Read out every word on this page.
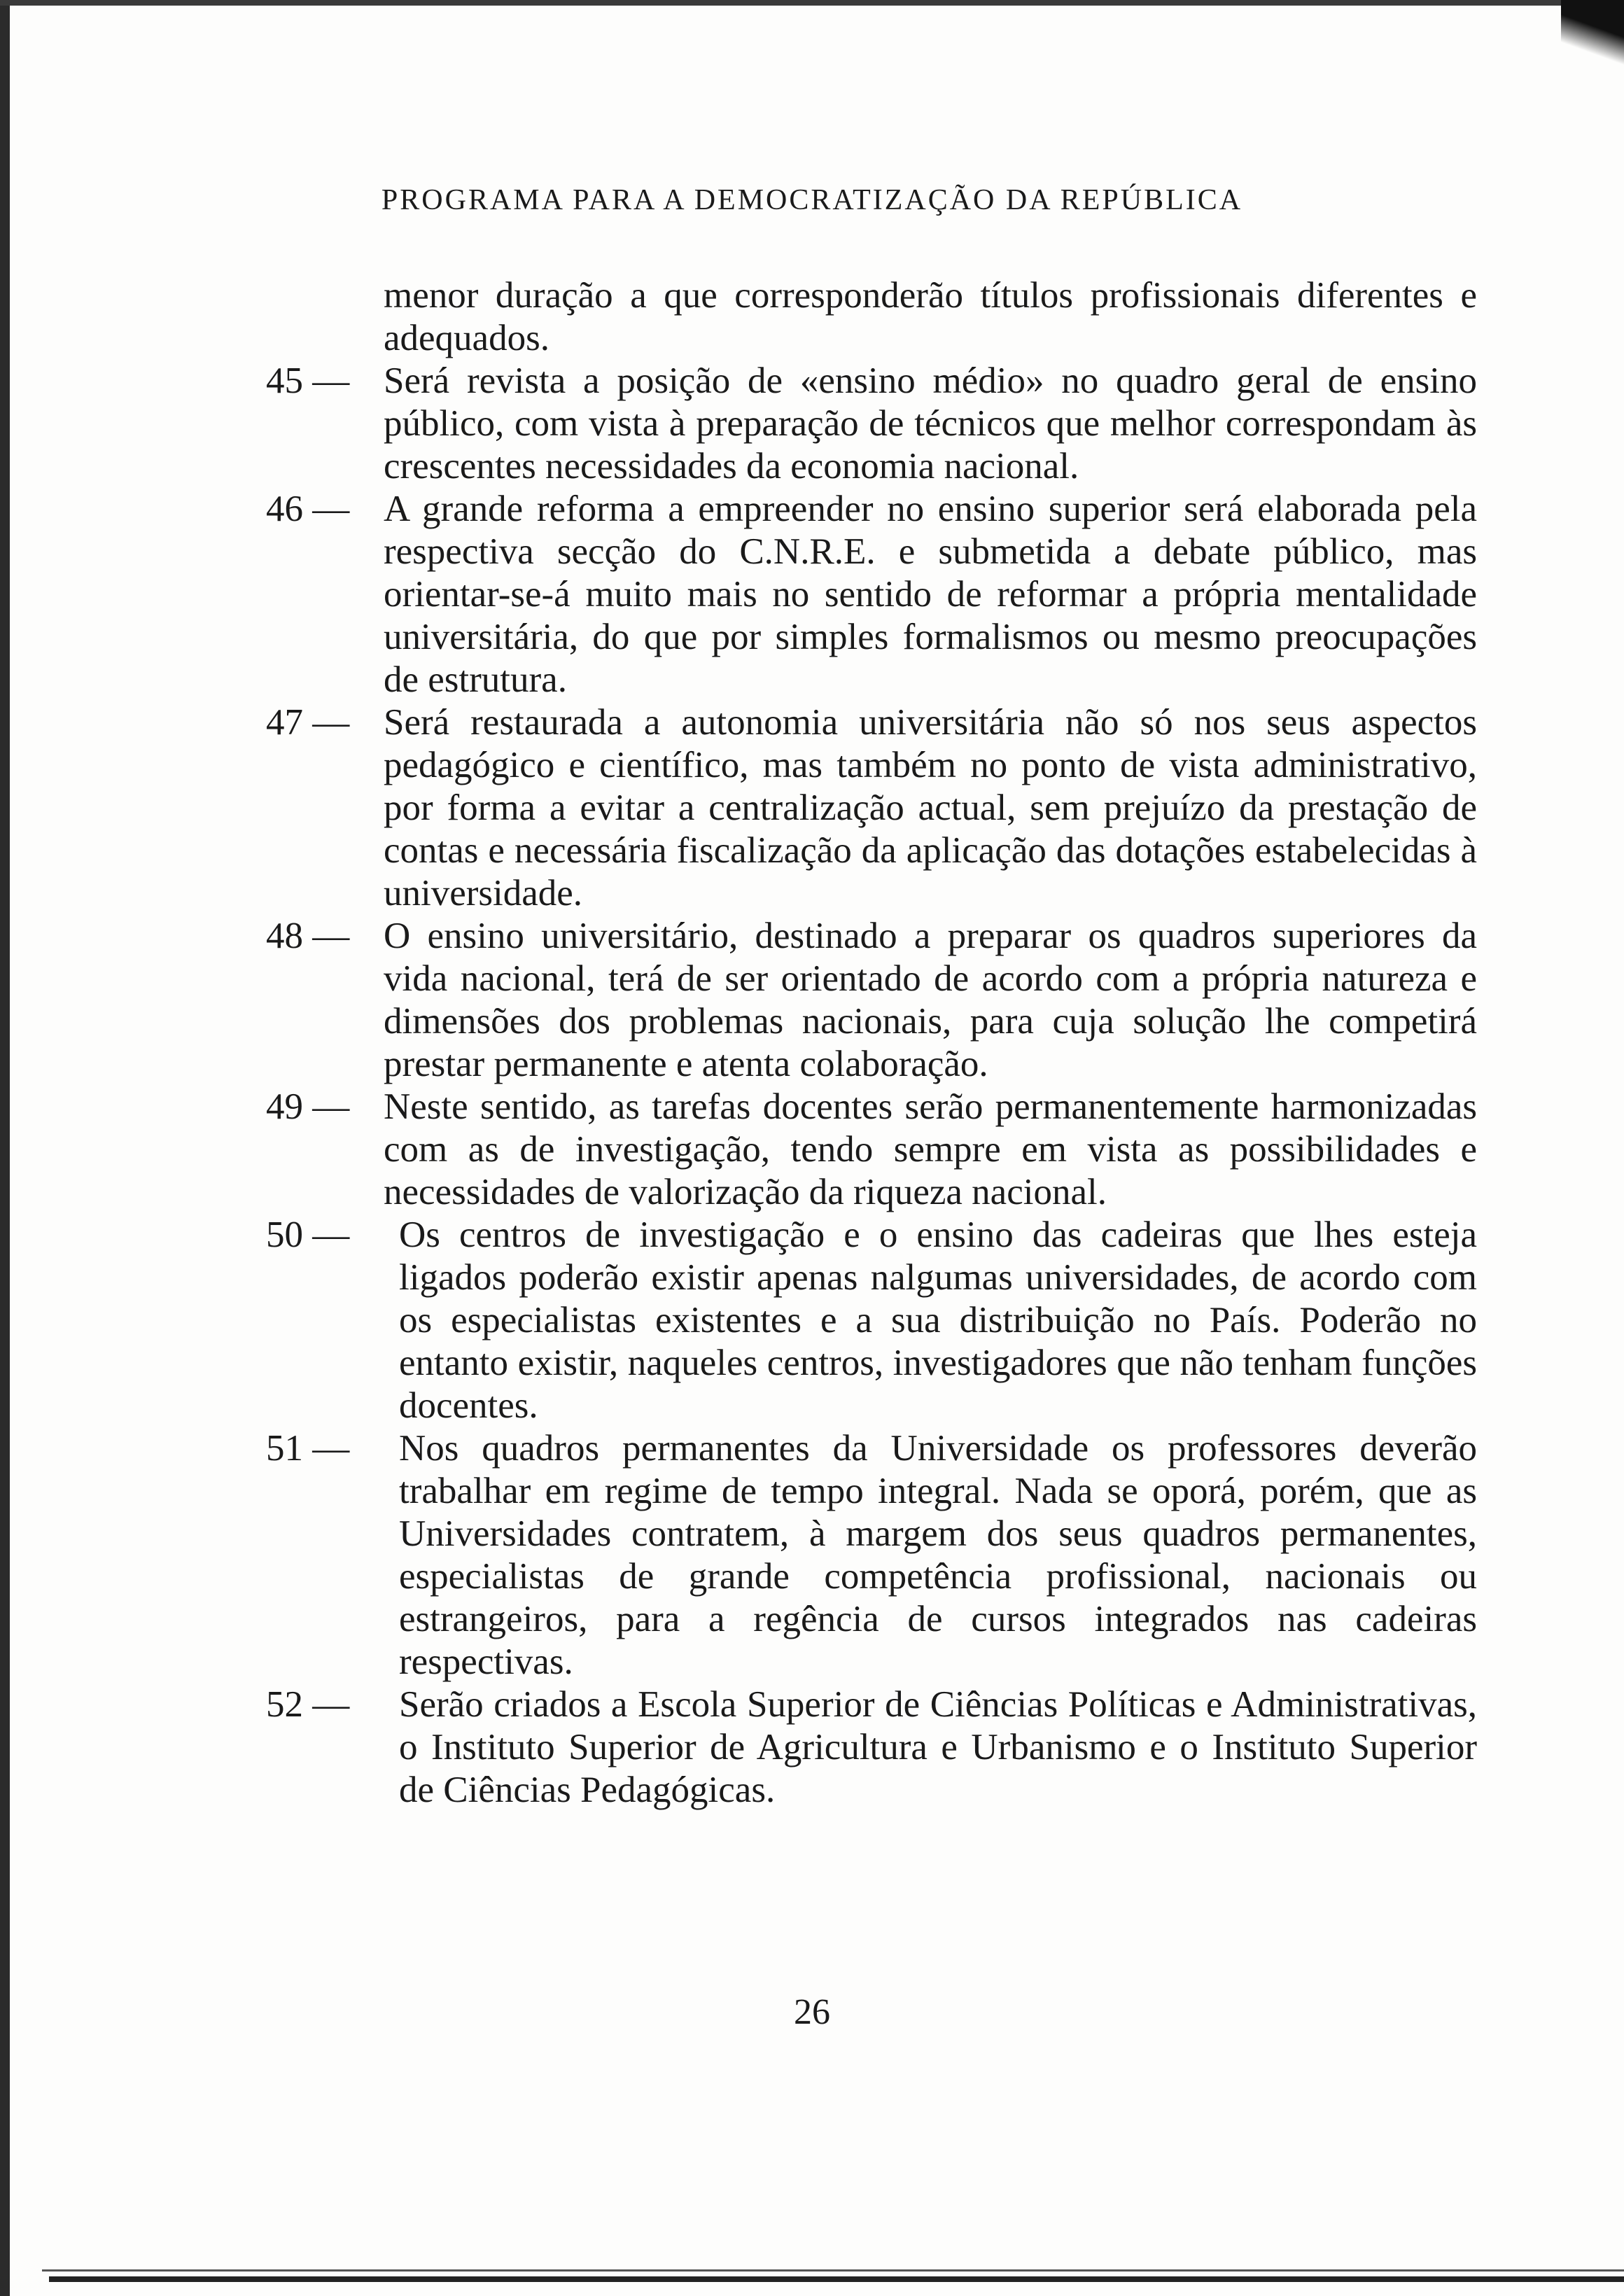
PROGRAMA PARA A DEMOCRATIZAÇÃO DA REPÚBLICA

menor duração a que corresponderão títulos profissionais diferentes e adequados.

45 — Será revista a posição de «ensino médio» no quadro geral de ensino público, com vista à preparação de técnicos que melhor correspondam às crescentes necessidades da economia nacional.
46 — A grande reforma a empreender no ensino superior será elaborada pela respectiva secção do C.N.R.E. e submetida a debate público, mas orientar-se-á muito mais no sentido de reformar a própria mentalidade universitária, do que por simples formalismos ou mesmo preocupações de estrutura.
47 — Será restaurada a autonomia universitária não só nos seus aspectos pedagógico e científico, mas também no ponto de vista administrativo, por forma a evitar a centralização actual, sem prejuízo da prestação de contas e necessária fiscalização da aplicação das dotações estabelecidas à universidade.
48 — O ensino universitário, destinado a preparar os quadros superiores da vida nacional, terá de ser orientado de acordo com a própria natureza e dimensões dos problemas nacionais, para cuja solução lhe competirá prestar permanente e atenta colaboração.
49 — Neste sentido, as tarefas docentes serão permanentemente harmonizadas com as de investigação, tendo sempre em vista as possibilidades e necessidades de valorização da riqueza nacional.
50 —	Os centros de investigação e o ensino das cadeiras que lhes esteja ligados poderão existir apenas nalgumas universidades, de acordo com os especialistas existentes e a sua distribuição no País. Poderão no entanto existir, naqueles centros, investigadores que não tenham funções docentes.
51 —	Nos quadros permanentes da Universidade os professores deverão trabalhar em regime de tempo integral. Nada se oporá, porém, que as Universidades contratem, à margem dos seus quadros permanentes, especialistas de grande competência profissional, nacionais ou estrangeiros, para a regência de cursos integrados nas cadeiras respectivas.
52 —	Serão criados a Escola Superior de Ciências Políticas e Administrativas, o Instituto Superior de Agricultura e Urbanismo e o Instituto Superior de Ciências Pedagógicas.
26
